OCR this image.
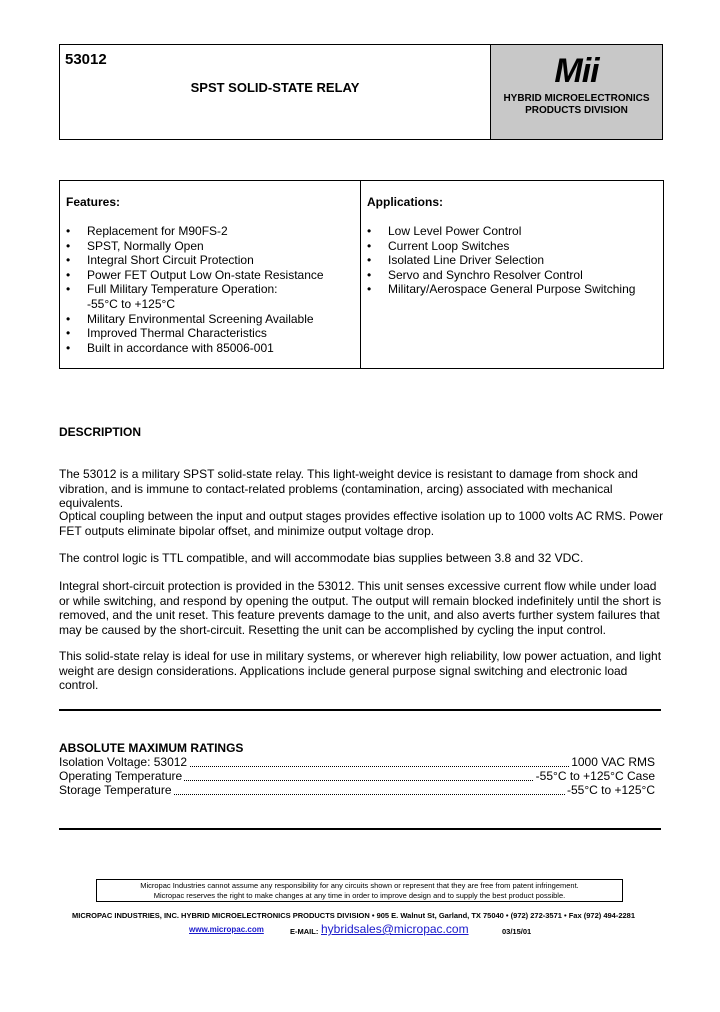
53012
SPST SOLID-STATE RELAY	Mii
HYBRID MICROELECTRONICS
PRODUCTS DIVISION
Features:
• Replacement for M90FS-2
• SPST, Normally Open
• Integral Short Circuit Protection
• Power FET Output Low On-state Resistance
• Full Military Temperature Operation:
-55°C to +125°C
• Military Environmental Screening Available
• Improved Thermal Characteristics
• Built in accordance with 85006-001
Applications:
• Low Level Power Control
• Current Loop Switches
• Isolated Line Driver Selection
• Servo and Synchro Resolver Control
• Military/Aerospace General Purpose Switching
DESCRIPTION
The 53012 is a military SPST solid-state relay. This light-weight device is resistant to damage from shock and vibration, and is immune to contact-related problems (contamination, arcing) associated with mechanical equivalents.
Optical coupling between the input and output stages provides effective isolation up to 1000 volts AC RMS. Power FET outputs eliminate bipolar offset, and minimize output voltage drop.
The control logic is TTL compatible, and will accommodate bias supplies between 3.8 and 32 VDC.
Integral short-circuit protection is provided in the 53012. This unit senses excessive current flow while under load or while switching, and respond by opening the output. The output will remain blocked indefinitely until the short is removed, and the unit reset. This feature prevents damage to the unit, and also averts further system failures that may be caused by the short-circuit. Resetting the unit can be accomplished by cycling the input control.
This solid-state relay is ideal for use in military systems, or wherever high reliability, low power actuation, and light weight are design considerations. Applications include general purpose signal switching and electronic load control.
ABSOLUTE MAXIMUM RATINGS
Isolation Voltage: 53012	1000 VAC RMS
Operating Temperature	-55°C to +125°C Case
Storage Temperature	-55°C to +125°C
Micropac Industries cannot assume any responsibility for any circuits shown or represent that they are free from patent infringement.
Micropac reserves the right to make changes at any time in order to improve design and to supply the best product possible.
MICROPAC INDUSTRIES, INC. HYBRID MICROELECTRONICS PRODUCTS DIVISION • 905 E. Walnut St, Garland, TX 75040 • (972) 272-3571 • Fax (972) 494-2281
www.micropac.com	E-MAIL: hybridsales@micropac.com	03/15/01
